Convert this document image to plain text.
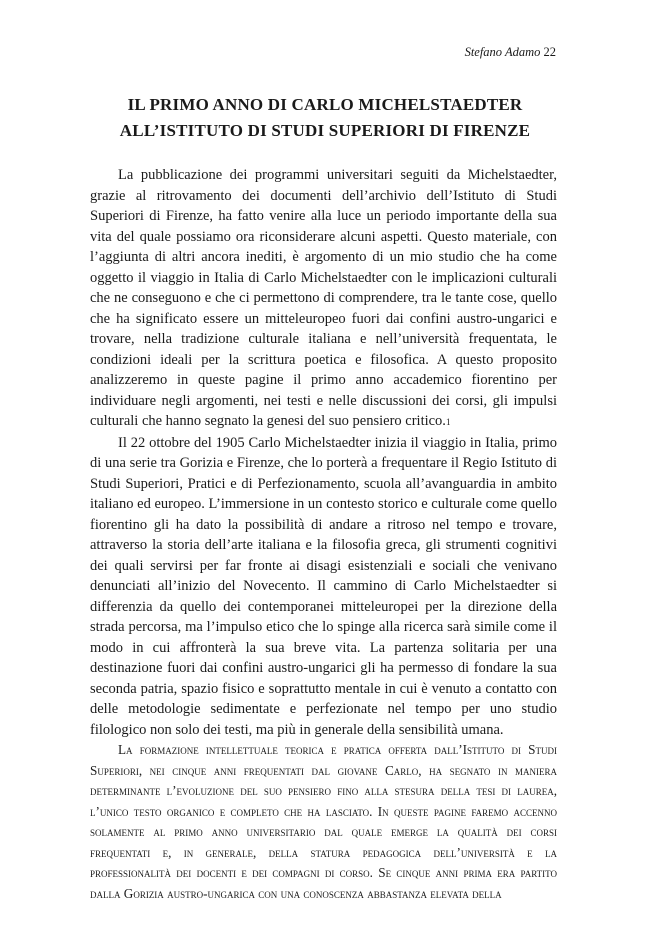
Stefano Adamo 22
IL PRIMO ANNO DI CARLO MICHELSTAEDTER
ALL’ISTITUTO DI STUDI SUPERIORI DI FIRENZE

La pubblicazione dei programmi universitari seguiti da Michelstaedter, grazie al ritrovamento dei documenti dell’archivio dell’Istituto di Studi Superiori di Firenze, ha fatto venire alla luce un periodo importante della sua vita del quale possiamo ora riconsiderare alcuni aspetti. Questo materiale, con l’aggiunta di altri ancora inediti, è argomento di un mio studio che ha come oggetto il viaggio in Italia di Carlo Michelstaedter con le implicazioni culturali che ne conseguono e che ci permettono di comprendere, tra le tante cose, quello che ha significato essere un mitteleuropeo fuori dai confini austro-ungarici e trovare, nella tradizione culturale italiana e nell’università frequentata, le condizioni ideali per la scrittura poetica e filosofica. A questo proposito analizzeremo in queste pagine il primo anno accademico fiorentino per individuare negli argomenti, nei testi e nelle discussioni dei corsi, gli impulsi culturali che hanno segnato la genesi del suo pensiero critico.1

Il 22 ottobre del 1905 Carlo Michelstaedter inizia il viaggio in Italia, primo di una serie tra Gorizia e Firenze, che lo porterà a frequentare il Regio Istituto di Studi Superiori, Pratici e di Perfezionamento, scuola all’avanguardia in ambito italiano ed europeo. L’immersione in un contesto storico e culturale come quello fiorentino gli ha dato la possibilità di andare a ritroso nel tempo e trovare, attraverso la storia dell’arte italiana e la filosofia greca, gli strumenti cognitivi dei quali servirsi per far fronte ai disagi esistenziali e sociali che venivano denunciati all’inizio del Novecento. Il cammino di Carlo Michelstaedter si differenzia da quello dei contemporanei mitteleuropei per la direzione della strada percorsa, ma l’impulso etico che lo spinge alla ricerca sarà simile come il modo in cui affronterà la sua breve vita. La partenza solitaria per una destinazione fuori dai confini austro-ungarici gli ha permesso di fondare la sua seconda patria, spazio fisico e soprattutto mentale in cui è venuto a contatto con delle metodologie sedimentate e perfezionate nel tempo per uno studio filologico non solo dei testi, ma più in generale della sensibilità umana.

La formazione intellettuale teorica e pratica offerta dall’Istituto di Studi Superiori, nei cinque anni frequentati dal giovane Carlo, ha segnato in maniera determinante l’evoluzione del suo pensiero fino alla stesura della tesi di laurea, l’unico testo organico e completo che ha lasciato. In queste pagine faremo accenno solamente al primo anno universitario dal quale emerge la qualità dei corsi frequentati e, in generale, della statura pedagogica dell’università e la professionalità dei docenti e dei compagni di corso. Se cinque anni prima era partito dalla Gorizia austro-ungarica con una conoscenza abbastanza elevata della
